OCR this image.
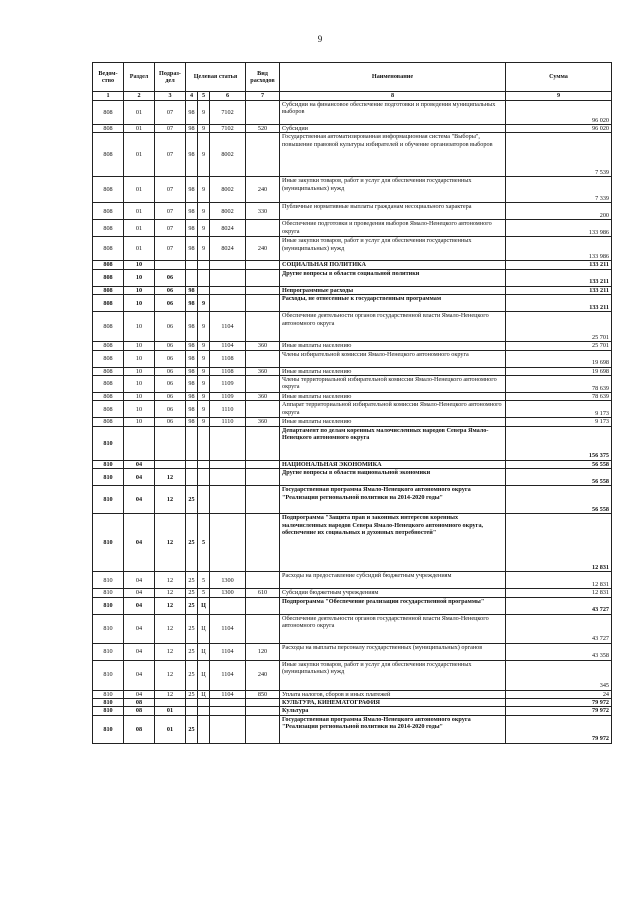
9
Ведом-ство	Раздел	Подраз-дел	Целевая статья			Вид расходов	Наименование	Сумма
1	2	3	4	5	6	7	8	9
808	01	07	98	9	7102		Субсидии на финансовое обеспечение подготовки и проведения муниципальных выборов	96 020
808	01	07	98	9	7102	520	Субсидии	96 020
808	01	07	98	9	8002		Государственная автоматизированная информационная система "Выборы", повышение правовой культуры избирателей и обучение организаторов выборов	7 539
808	01	07	98	9	8002	240	Иные закупки товаров, работ и услуг для обеспечения государственных (муниципальных) нужд	7 339
808	01	07	98	9	8002	330	Публичные нормативные выплаты гражданам несоциального характера	200
808	01	07	98	9	8024		Обеспечение подготовки и проведения выборов Ямало-Ненецкого автономного округа	133 986
808	01	07	98	9	8024	240	Иные закупки товаров, работ и услуг для обеспечения государственных (муниципальных) нужд	133 986
808	10						СОЦИАЛЬНАЯ ПОЛИТИКА	133 211
808	10	06					Другие вопросы в области социальной политики	133 211
808	10	06	98				Непрограммные расходы	133 211
808	10	06	98	9			Расходы, не отнесенные к государственным программам	133 211
808	10	06	98	9	1104		Обеспечение деятельности органов государственной власти Ямало-Ненецкого автономного округа	25 701
808	10	06	98	9	1104	360	Иные выплаты населению	25 701
808	10	06	98	9	1108		Члены избирательной комиссии Ямало-Ненецкого автономного округа	19 698
808	10	06	98	9	1108	360	Иные выплаты населению	19 698
808	10	06	98	9	1109		Члены территориальной избирательной комиссии Ямало-Ненецкого автономного округа	78 639
808	10	06	98	9	1109	360	Иные выплаты населению	78 639
808	10	06	98	9	1110		Аппарат территориальной избирательной комиссии Ямало-Ненецкого автономного округа	9 173
808	10	06	98	9	1110	360	Иные выплаты населению	9 173
810							Департамент по делам коренных малочисленных народов Севера Ямало-Ненецкого автономного округа	156 375
810	04						НАЦИОНАЛЬНАЯ ЭКОНОМИКА	56 558
810	04	12					Другие вопросы в области национальной экономики	56 558
810	04	12	25				Государственная программа Ямало-Ненецкого автономного округа "Реализация региональной политики на 2014-2020 годы"	56 558
810	04	12	25	5			Подпрограмма "Защита прав и законных интересов коренных малочисленных народов Севера Ямало-Ненецкого автономного округа, обеспечение их социальных и духовных потребностей"	12 831
810	04	12	25	5	1300		Расходы на предоставление субсидий бюджетным учреждениям	12 831
810	04	12	25	5	1300	610	Субсидии бюджетным учреждениям	12 831
810	04	12	25	Ц			Подпрограмма "Обеспечение реализации государственной программы"	43 727
810	04	12	25	Ц	1104		Обеспечение деятельности органов государственной власти Ямало-Ненецкого автономного округа	43 727
810	04	12	25	Ц	1104	120	Расходы на выплаты персоналу государственных (муниципальных) органов	43 358
810	04	12	25	Ц	1104	240	Иные закупки товаров, работ и услуг для обеспечения государственных (муниципальных) нужд	345
810	04	12	25	Ц	1104	850	Уплата налогов, сборов и иных платежей	24
810	08						КУЛЬТУРА, КИНЕМАТОГРАФИЯ	79 972
810	08	01					Культура	79 972
810	08	01	25				Государственная программа Ямало-Ненецкого автономного округа "Реализация региональной политики на 2014-2020 годы"	79 972
